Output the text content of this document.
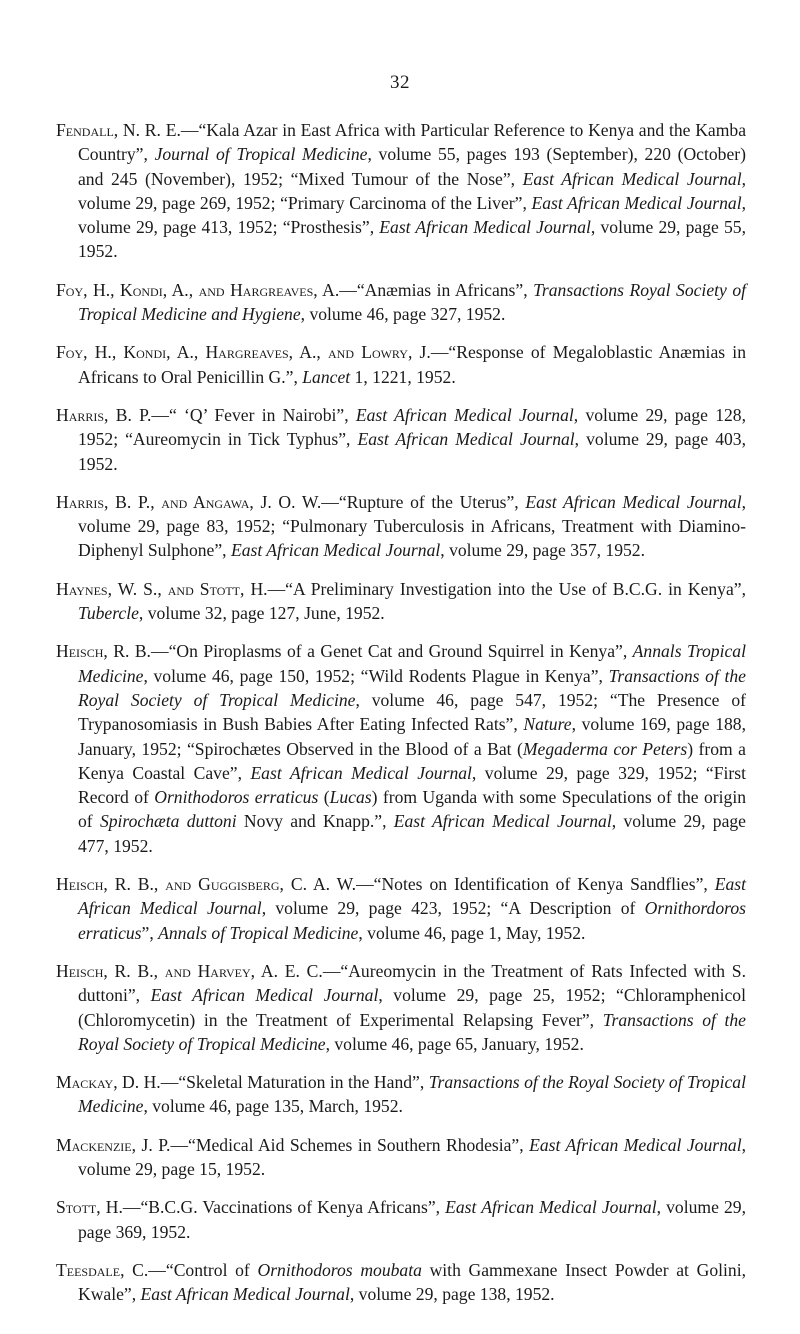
32

Fendall, N. R. E.—“Kala Azar in East Africa with Particular Reference to Kenya and the Kamba Country”, Journal of Tropical Medicine, volume 55, pages 193 (September), 220 (October) and 245 (November), 1952; “Mixed Tumour of the Nose”, East African Medical Journal, volume 29, page 269, 1952; “Primary Carcinoma of the Liver”, East African Medical Journal, volume 29, page 413, 1952; “Prosthesis”, East African Medical Journal, volume 29, page 55, 1952.

Foy, H., Kondi, A., and Hargreaves, A.—“Anæmias in Africans”, Transactions Royal Society of Tropical Medicine and Hygiene, volume 46, page 327, 1952.

Foy, H., Kondi, A., Hargreaves, A., and Lowry, J.—“Response of Megaloblastic Anæmias in Africans to Oral Penicillin G.”, Lancet 1, 1221, 1952.

Harris, B. P.—“ ‘Q’ Fever in Nairobi”, East African Medical Journal, volume 29, page 128, 1952; “Aureomycin in Tick Typhus”, East African Medical Journal, volume 29, page 403, 1952.

Harris, B. P., and Angawa, J. O. W.—“Rupture of the Uterus”, East African Medical Journal, volume 29, page 83, 1952; “Pulmonary Tuberculosis in Africans, Treatment with Diamino-Diphenyl Sulphone”, East African Medical Journal, volume 29, page 357, 1952.

Haynes, W. S., and Stott, H.—“A Preliminary Investigation into the Use of B.C.G. in Kenya”, Tubercle, volume 32, page 127, June, 1952.

Heisch, R. B.—“On Piroplasms of a Genet Cat and Ground Squirrel in Kenya”, Annals Tropical Medicine, volume 46, page 150, 1952; “Wild Rodents Plague in Kenya”, Transactions of the Royal Society of Tropical Medicine, volume 46, page 547, 1952; “The Presence of Trypanosomiasis in Bush Babies After Eating Infected Rats”, Nature, volume 169, page 188, January, 1952; “Spirochætes Observed in the Blood of a Bat (Megaderma cor Peters) from a Kenya Coastal Cave”, East African Medical Journal, volume 29, page 329, 1952; “First Record of Ornithodoros erraticus (Lucas) from Uganda with some Speculations of the origin of Spirochæta duttoni Novy and Knapp.”, East African Medical Journal, volume 29, page 477, 1952.

Heisch, R. B., and Guggisberg, C. A. W.—“Notes on Identification of Kenya Sandflies”, East African Medical Journal, volume 29, page 423, 1952; “A Description of Ornithordoros erraticus”, Annals of Tropical Medicine, volume 46, page 1, May, 1952.

Heisch, R. B., and Harvey, A. E. C.—“Aureomycin in the Treatment of Rats Infected with S. duttoni”, East African Medical Journal, volume 29, page 25, 1952; “Chloramphenicol (Chloromycetin) in the Treatment of Experimental Relapsing Fever”, Transactions of the Royal Society of Tropical Medicine, volume 46, page 65, January, 1952.

Mackay, D. H.—“Skeletal Maturation in the Hand”, Transactions of the Royal Society of Tropical Medicine, volume 46, page 135, March, 1952.

Mackenzie, J. P.—“Medical Aid Schemes in Southern Rhodesia”, East African Medical Journal, volume 29, page 15, 1952.

Stott, H.—“B.C.G. Vaccinations of Kenya Africans”, East African Medical Journal, volume 29, page 369, 1952.

Teesdale, C.—“Control of Ornithodoros moubata with Gammexane Insect Powder at Golini, Kwale”, East African Medical Journal, volume 29, page 138, 1952.
